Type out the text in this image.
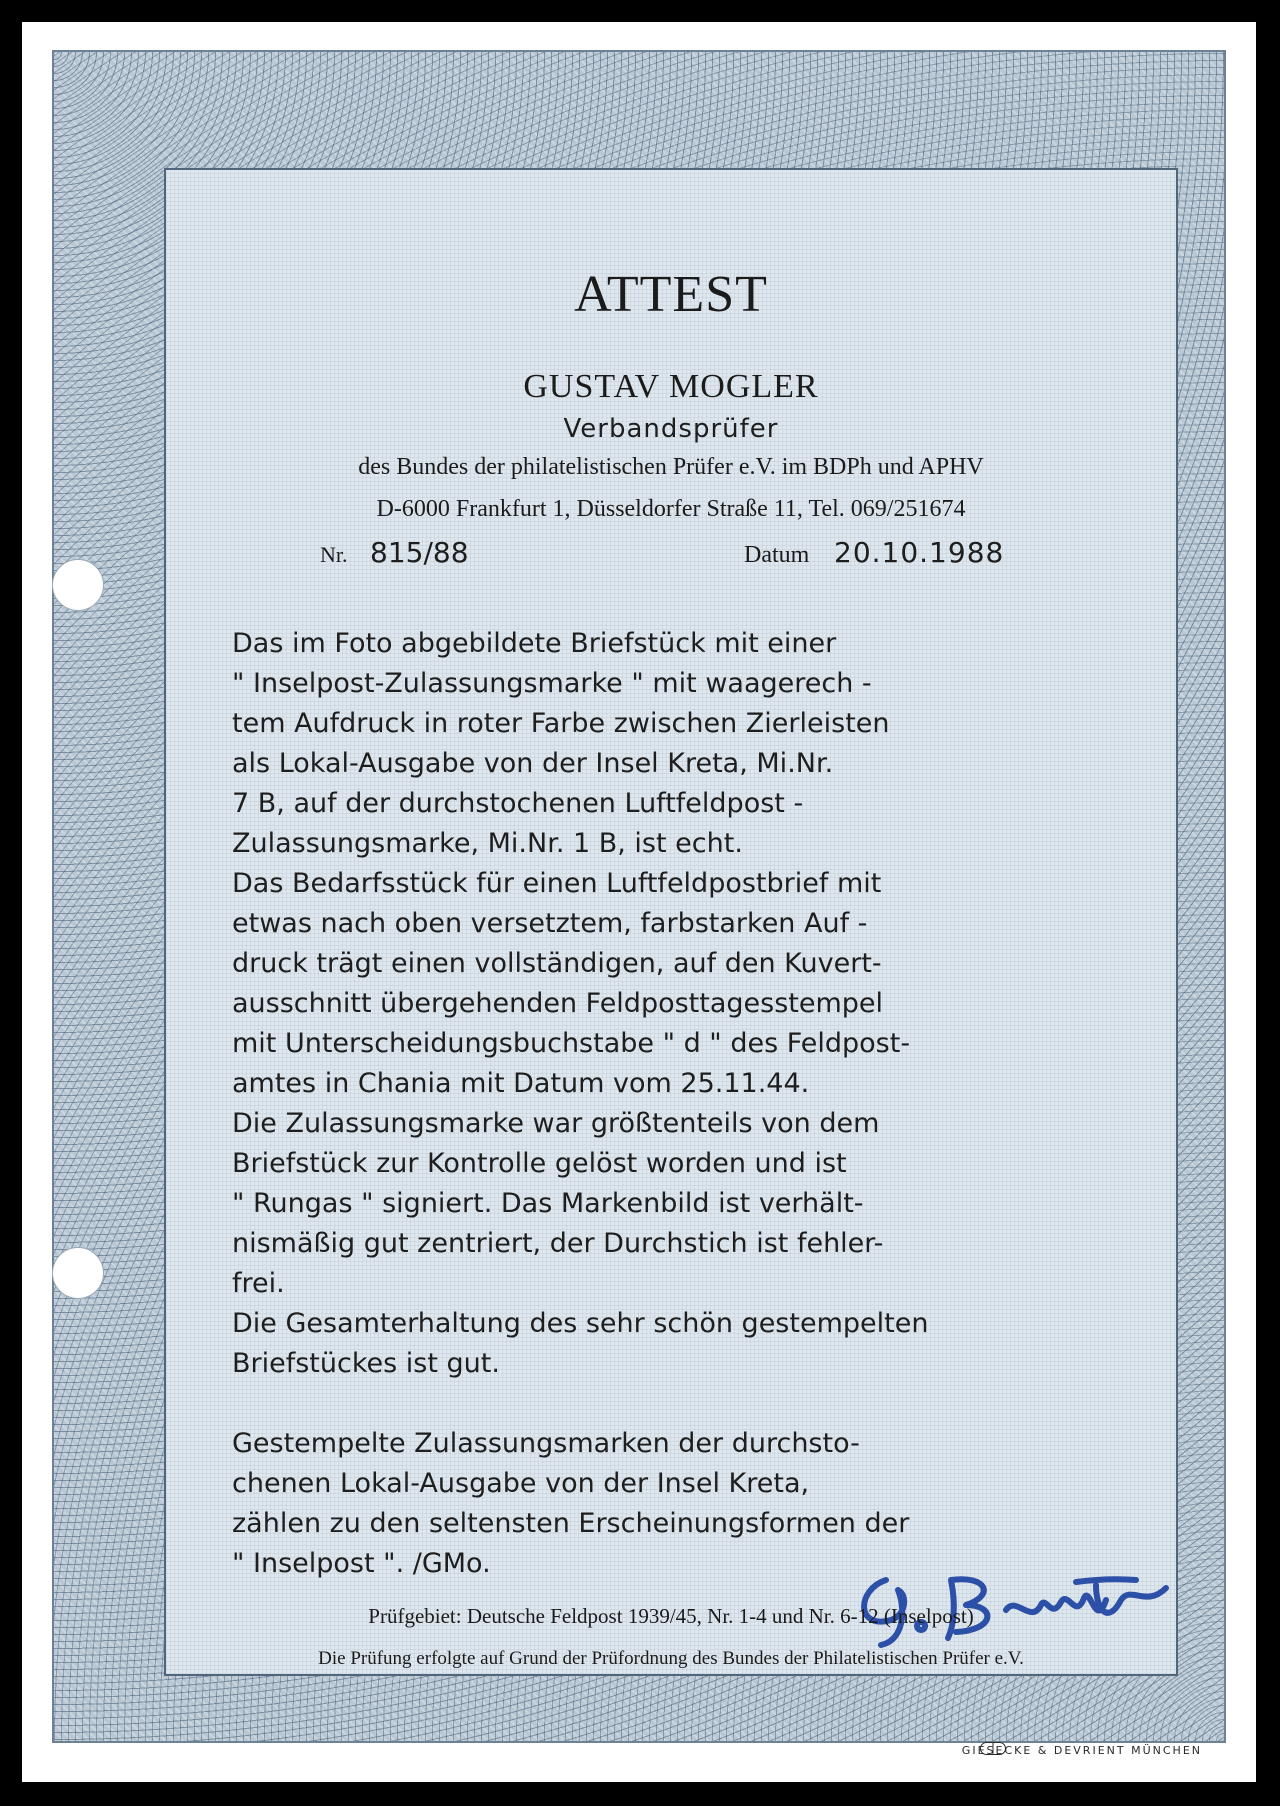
ATTEST
GUSTAV MOGLER
Verbandsprüfer
des Bundes der philatelistischen Prüfer e.V. im BDPh und APHV
D-6000 Frankfurt 1, Düsseldorfer Straße 11, Tel. 069/251674
Nr. 815/88	Datum 20.10.1988
Das im Foto abgebildete Briefstück mit einer
" Inselpost-Zulassungsmarke " mit waagerech -
tem Aufdruck in roter Farbe zwischen Zierleisten
als Lokal-Ausgabe von der Insel Kreta, Mi.Nr.
7 B, auf der durchstochenen Luftfeldpost -
Zulassungsmarke, Mi.Nr. 1 B, ist echt.
Das Bedarfsstück für einen Luftfeldpostbrief mit
etwas nach oben versetztem, farbstarken Auf -
druck trägt einen vollständigen, auf den Kuvert-
ausschnitt übergehenden Feldposttagesstempel
mit Unterscheidungsbuchstabe " d " des Feldpost-
amtes in Chania mit Datum vom 25.11.44.
Die Zulassungsmarke war größtenteils von dem
Briefstück zur Kontrolle gelöst worden und ist
" Rungas " signiert. Das Markenbild ist verhält-
nismäßig gut zentriert, der Durchstich ist fehler-
frei.
Die Gesamterhaltung des sehr schön gestempelten
Briefstückes ist gut.
Gestempelte Zulassungsmarken der durchsto-
chenen Lokal-Ausgabe von der Insel Kreta,
zählen zu den seltensten Erscheinungsformen der
" Inselpost ". /GMo.
Prüfgebiet: Deutsche Feldpost 1939/45, Nr. 1-4 und Nr. 6-12 (Inselpost)
Die Prüfung erfolgte auf Grund der Prüfordnung des Bundes der Philatelistischen Prüfer e.V.
GIESECKE & DEVRIENT MÜNCHEN
